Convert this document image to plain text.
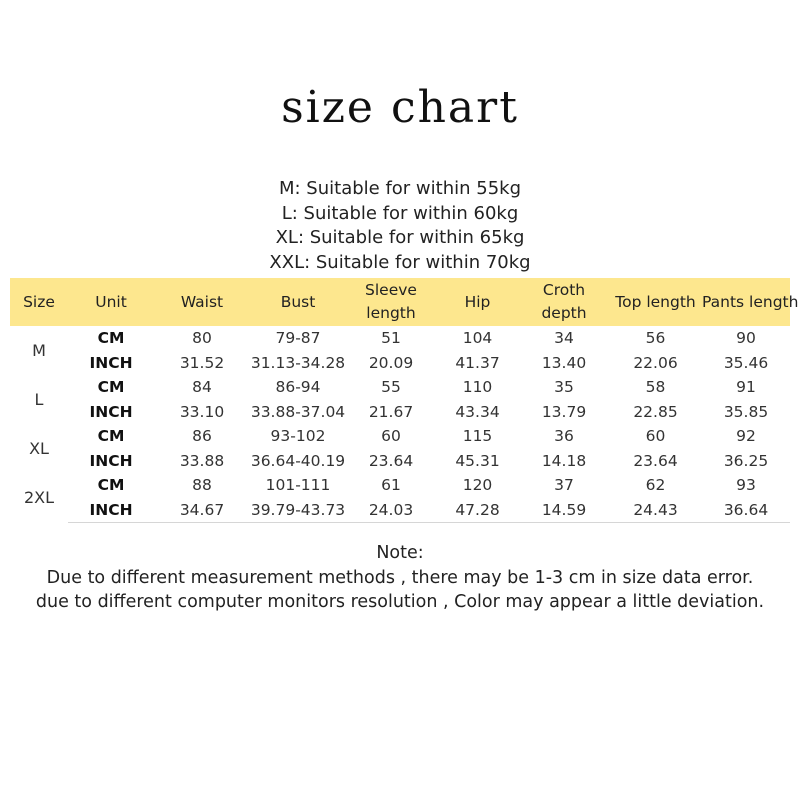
size chart
M: Suitable for within 55kg
L: Suitable for within 60kg
XL: Suitable for within 65kg
XXL: Suitable for within 70kg
Size	Unit	Waist	Bust	Sleeve length	Hip	Croth depth	Top length	Pants length
M	CM	80	79-87	51	104	34	56	90
	INCH	31.52	31.13-34.28	20.09	41.37	13.40	22.06	35.46
L	CM	84	86-94	55	110	35	58	91
	INCH	33.10	33.88-37.04	21.67	43.34	13.79	22.85	35.85
XL	CM	86	93-102	60	115	36	60	92
	INCH	33.88	36.64-40.19	23.64	45.31	14.18	23.64	36.25
2XL	CM	88	101-111	61	120	37	62	93
	INCH	34.67	39.79-43.73	24.03	47.28	14.59	24.43	36.64
Note:
Due to different measurement methods , there may be 1-3 cm in size data error.
due to different computer monitors resolution , Color may appear a little deviation.
